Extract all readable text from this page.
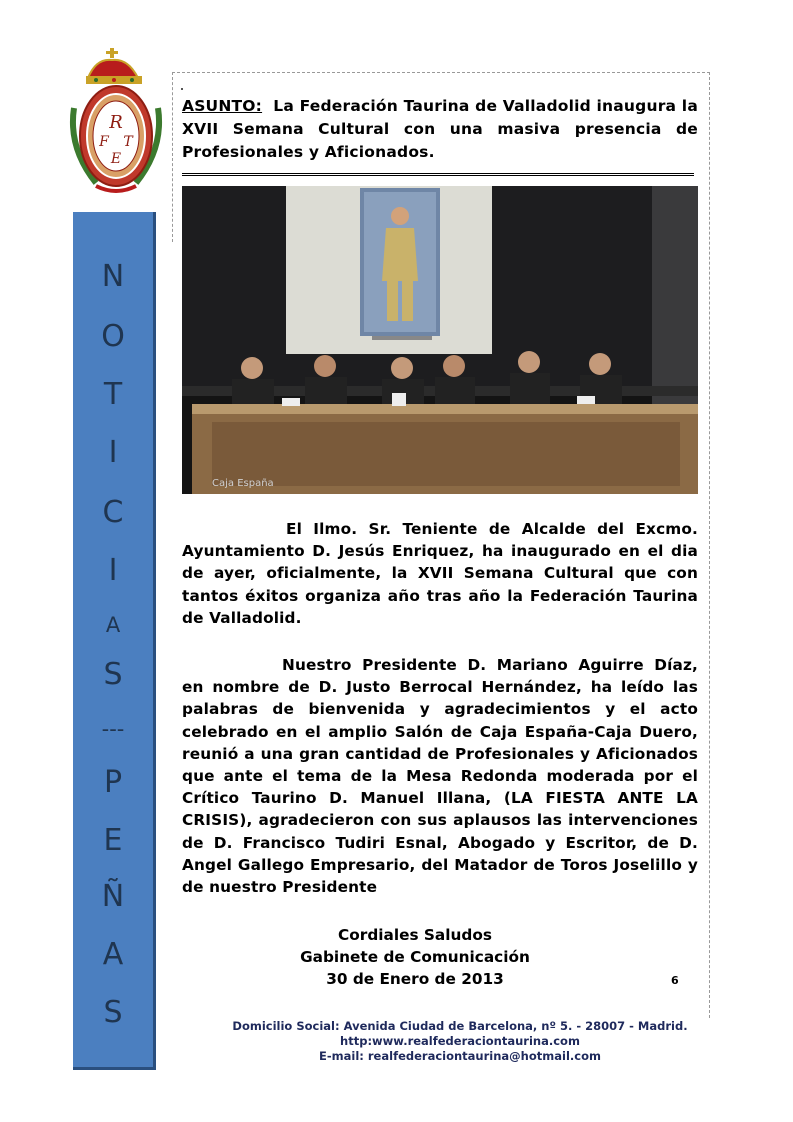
R
F T
E
N
O
T
I
C
I
A
S
---
P
E
Ñ
A
S
ASUNTO: La Federación Taurina de Valladolid inaugura la XVII Semana Cultural con una masiva presencia de Profesionales y Aficionados.
Caja España
El Ilmo. Sr. Teniente de Alcalde del Excmo. Ayuntamiento D. Jesús Enriquez, ha inaugurado en el dia de ayer, oficialmente, la XVII Semana Cultural que con tantos éxitos organiza año tras año la Federación Taurina de Valladolid.
Nuestro Presidente D. Mariano Aguirre Díaz, en nombre de D. Justo Berrocal Hernández, ha leído las palabras de bienvenida y agradecimientos y el acto celebrado en el amplio Salón de Caja España-Caja Duero, reunió a una gran cantidad de Profesionales y Aficionados que ante el tema de la Mesa Redonda moderada por el Crítico Taurino D. Manuel Illana, (LA FIESTA ANTE LA CRISIS), agradecieron con sus aplausos las intervenciones de D. Francisco Tudiri Esnal, Abogado y Escritor, de D. Angel Gallego Empresario, del Matador de Toros Joselillo y de nuestro Presidente
Cordiales Saludos
Gabinete de Comunicación
30 de Enero de 2013	6
Domicilio Social: Avenida Ciudad de Barcelona, nº 5. - 28007 - Madrid.
http:www.realfederaciontaurina.com
E-mail: realfederaciontaurina@hotmail.com
